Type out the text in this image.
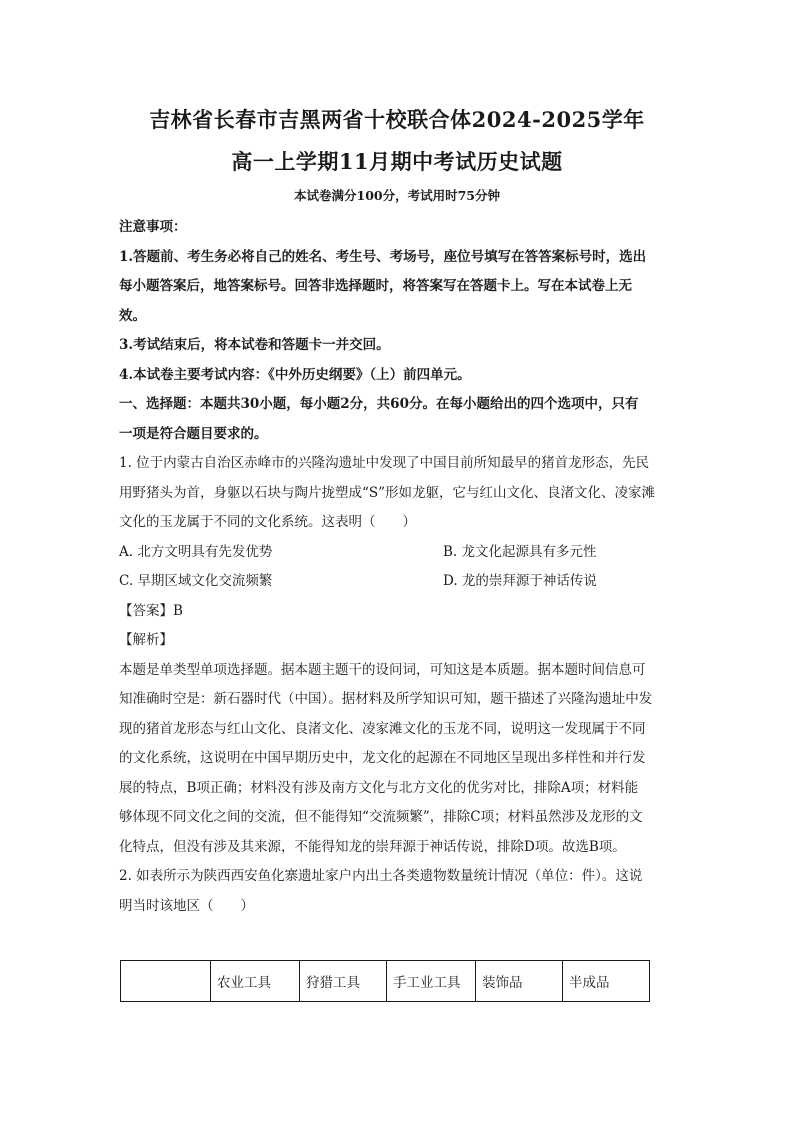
吉林省长春市吉黑两省十校联合体2024-2025学年
高一上学期11月期中考试历史试题
本试卷满分100分，考试用时75分钟

注意事项：

1.答题前、考生务必将自己的姓名、考生号、考场号，座位号填写在答答案标号时，选出

每小题答案后，地答案标号。回答非选择题时，将答案写在答题卡上。写在本试卷上无

效。

3.考试结束后，将本试卷和答题卡一并交回。

4.本试卷主要考试内容：《中外历史纲要》（上）前四单元。

一、选择题：本题共30小题，每小题2分，共60分。在每小题给出的四个选项中，只有

一项是符合题目要求的。

1. 位于内蒙古自治区赤峰市的兴隆沟遗址中发现了中国目前所知最早的猪首龙形态，先民

用野猪头为首，身躯以石块与陶片拢塑成“S”形如龙躯，它与红山文化、良渚文化、凌家滩

文化的玉龙属于不同的文化系统。这表明（　　）

A. 北方文明具有先发优势	B. 龙文化起源具有多元性
C. 早期区域文化交流频繁	D. 龙的崇拜源于神话传说

【答案】B

【解析】

本题是单类型单项选择题。据本题主题干的设问词，可知这是本质题。据本题时间信息可

知准确时空是：新石器时代（中国）。据材料及所学知识可知，题干描述了兴隆沟遗址中发

现的猪首龙形态与红山文化、良渚文化、凌家滩文化的玉龙不同，说明这一发现属于不同

的文化系统，这说明在中国早期历史中，龙文化的起源在不同地区呈现出多样性和并行发

展的特点，B项正确；材料没有涉及南方文化与北方文化的优劣对比，排除A项；材料能

够体现不同文化之间的交流，但不能得知“交流频繁”，排除C项；材料虽然涉及龙形的文

化特点，但没有涉及其来源，不能得知龙的崇拜源于神话传说，排除D项。故选B项。

2. 如表所示为陕西西安鱼化寨遗址家户内出土各类遗物数量统计情况（单位：件）。这说

明当时该地区（　　）

	农业工具	狩猎工具	手工业工具	装饰品	半成品
